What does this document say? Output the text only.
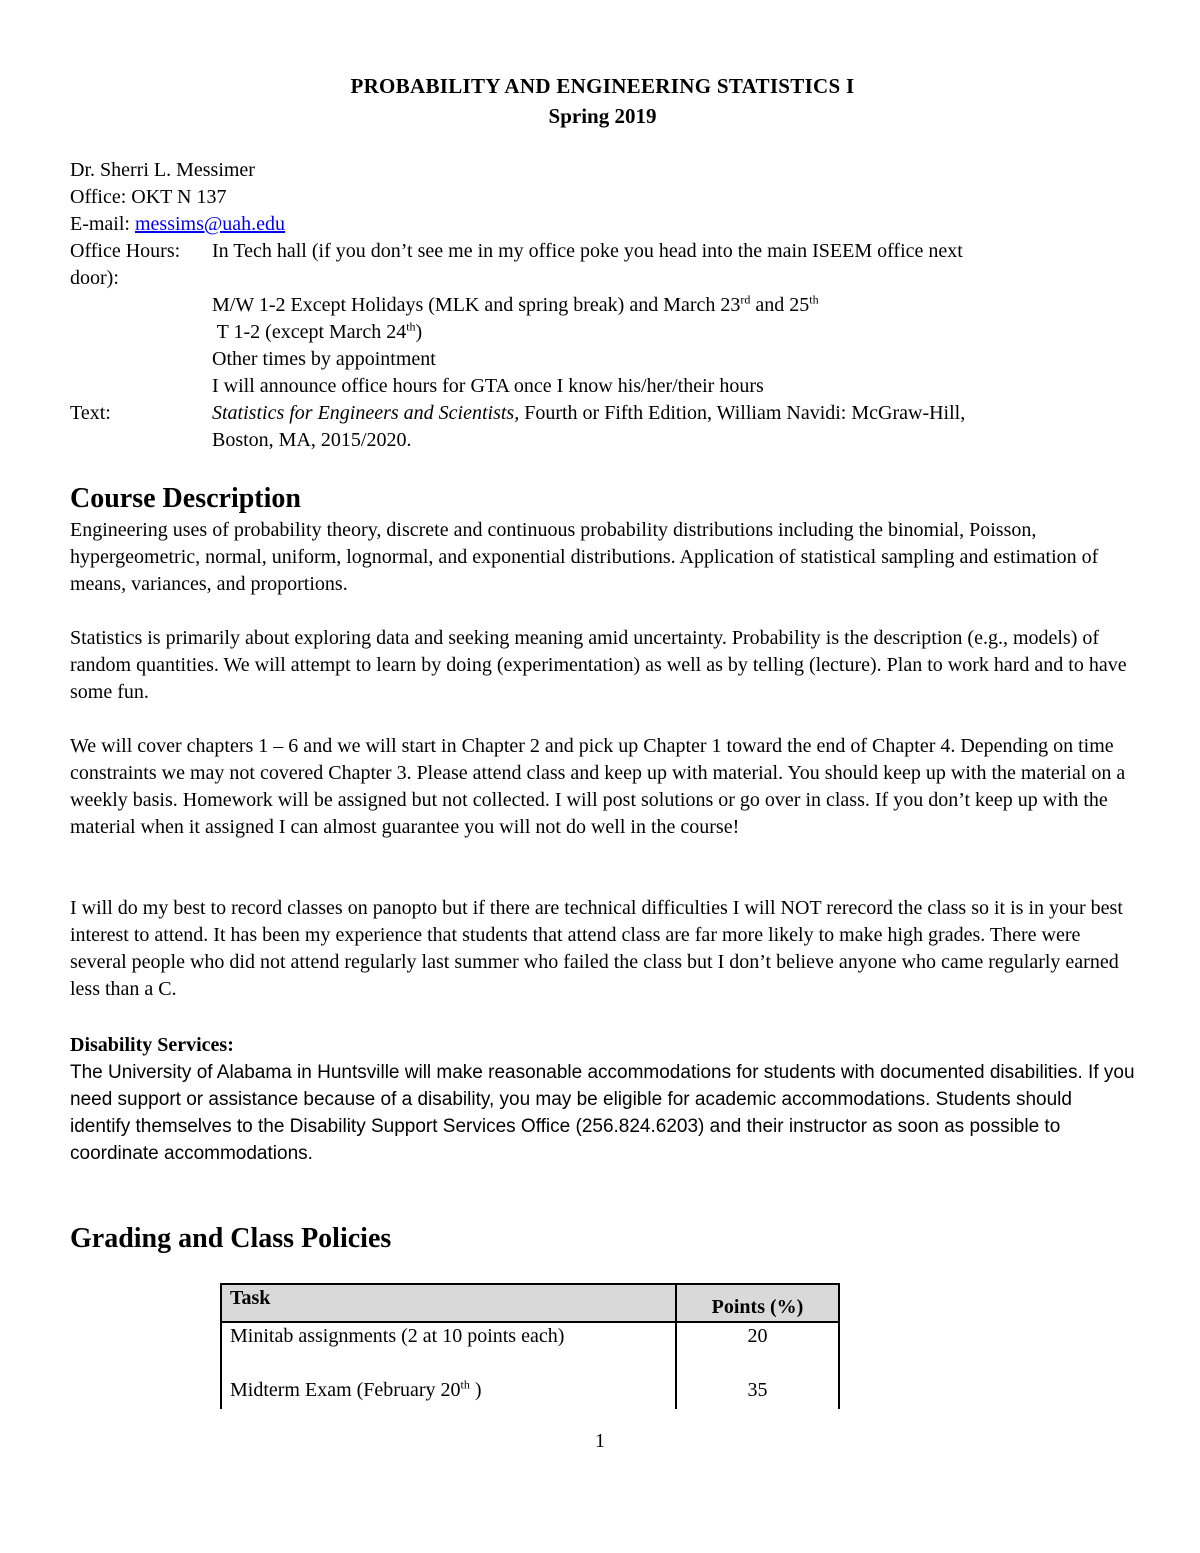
PROBABILITY AND ENGINEERING STATISTICS I
Spring 2019
Dr. Sherri L. Messimer
Office: OKT N 137
E-mail: messims@uah.edu
Office Hours: In Tech hall (if you don’t see me in my office poke you head into the main ISEEM office next
door):
M/W 1-2 Except Holidays (MLK and spring break) and March 23rd and 25th
T 1-2 (except March 24th)
Other times by appointment
I will announce office hours for GTA once I know his/her/their hours
Text:	Statistics for Engineers and Scientists, Fourth or Fifth Edition, William Navidi: McGraw-Hill,
Boston, MA, 2015/2020.
Course Description
Engineering uses of probability theory, discrete and continuous probability distributions including the binomial, Poisson, hypergeometric, normal, uniform, lognormal, and exponential distributions. Application of statistical sampling and estimation of means, variances, and proportions.
Statistics is primarily about exploring data and seeking meaning amid uncertainty. Probability is the description (e.g., models) of random quantities. We will attempt to learn by doing (experimentation) as well as by telling (lecture). Plan to work hard and to have some fun.
We will cover chapters 1 – 6 and we will start in Chapter 2 and pick up Chapter 1 toward the end of Chapter 4. Depending on time constraints we may not covered Chapter 3. Please attend class and keep up with material. You should keep up with the material on a weekly basis. Homework will be assigned but not collected. I will post solutions or go over in class. If you don’t keep up with the material when it assigned I can almost guarantee you will not do well in the course!
I will do my best to record classes on panopto but if there are technical difficulties I will NOT rerecord the class so it is in your best interest to attend. It has been my experience that students that attend class are far more likely to make high grades. There were several people who did not attend regularly last summer who failed the class but I don’t believe anyone who came regularly earned less than a C.
Disability Services:
The University of Alabama in Huntsville will make reasonable accommodations for students with documented disabilities. If you need support or assistance because of a disability, you may be eligible for academic accommodations. Students should identify themselves to the Disability Support Services Office (256.824.6203) and their instructor as soon as possible to coordinate accommodations.
Grading and Class Policies
Task	Points (%)
Minitab assignments (2 at 10 points each)	20
Midterm Exam (February 20th )	35
1
